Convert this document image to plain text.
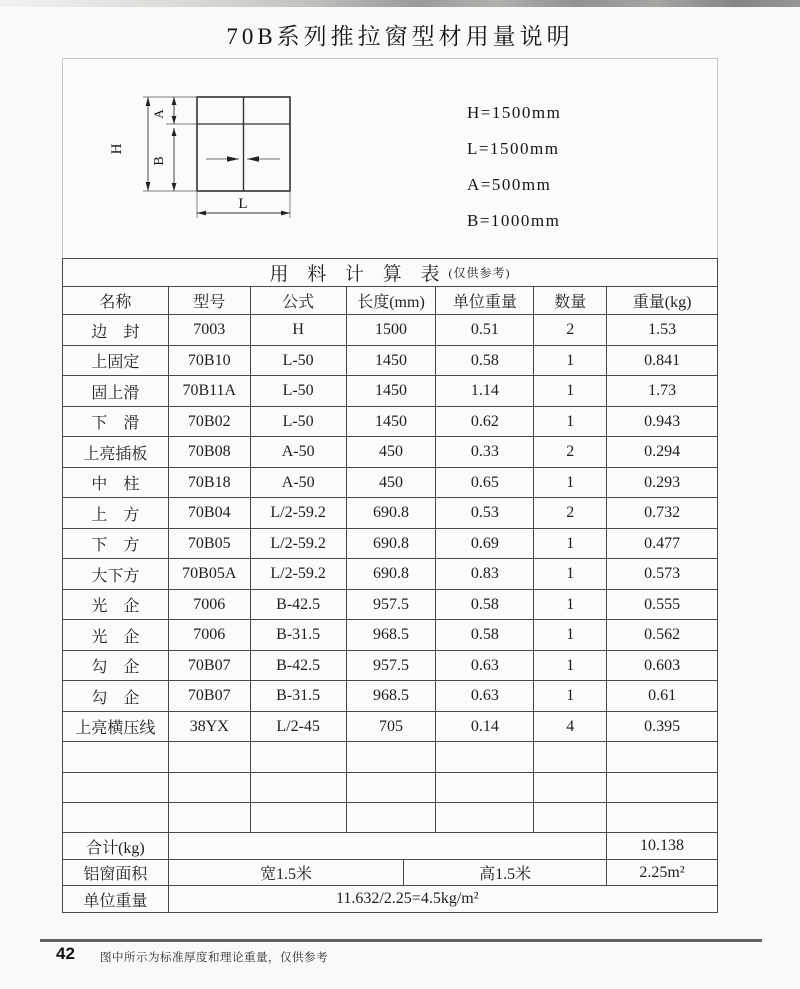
70B系列推拉窗型材用量说明
H
A
B
L
H=1500mm
L=1500mm
A=500mm
B=1000mm
用 料 计 算 表 (仅供参考)
名称	型号	公式	长度(mm)	单位重量	数量	重量(kg)
边　封	7003	H	1500	0.51	2	1.53
上固定	70B10	L-50	1450	0.58	1	0.841
固上滑	70B11A	L-50	1450	1.14	1	1.73
下　滑	70B02	L-50	1450	0.62	1	0.943
上亮插板	70B08	A-50	450	0.33	2	0.294
中　柱	70B18	A-50	450	0.65	1	0.293
上　方	70B04	L/2-59.2	690.8	0.53	2	0.732
下　方	70B05	L/2-59.2	690.8	0.69	1	0.477
大下方	70B05A	L/2-59.2	690.8	0.83	1	0.573
光　企	7006	B-42.5	957.5	0.58	1	0.555
光　企	7006	B-31.5	968.5	0.58	1	0.562
勾　企	70B07	B-42.5	957.5	0.63	1	0.603
勾　企	70B07	B-31.5	968.5	0.63	1	0.61
上亮横压线	38YX	L/2-45	705	0.14	4	0.395
合计(kg)	10.138
铝窗面积	宽1.5米	高1.5米	2.25m²
单位重量	11.632/2.25=4.5kg/m²
42 图中所示为标准厚度和理论重量，仅供参考
